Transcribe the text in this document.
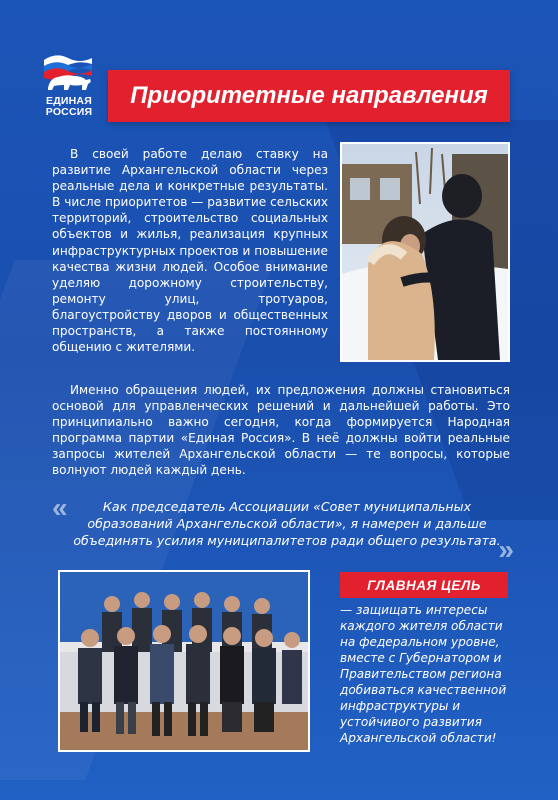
ЕДИНАЯ
РОССИЯ
Приоритетные направления
В своей работе делаю ставку на развитие Архангельской области через реальные дела и конкретные результаты. В числе приоритетов — развитие сельских территорий, строительство социальных объектов и жилья, реализация крупных инфраструктурных проектов и повышение качества жизни людей. Особое внимание уделяю дорожному строительству, ремонту улиц, тротуаров, благоустройству дворов и общественных пространств, а также постоянному общению с жителями.
Именно обращения людей, их предложения должны становиться основой для управленческих решений и дальнейшей работы. Это принципиально важно сегодня, когда формируется Народная программа партии «Единая Россия». В неё должны войти реальные запросы жителей Архангельской области — те вопросы, которые волнуют людей каждый день.
«	Как председатель Ассоциации «Совет муниципальных образований Архангельской области», я намерен и дальше объединять усилия муниципалитетов ради общего результата.
»
ГЛАВНАЯ ЦЕЛЬ
— защищать интересы каждого жителя области на федеральном уровне, вместе с Губернатором и Правительством региона добиваться качественной инфраструктуры и устойчивого развития Архангельской области!
